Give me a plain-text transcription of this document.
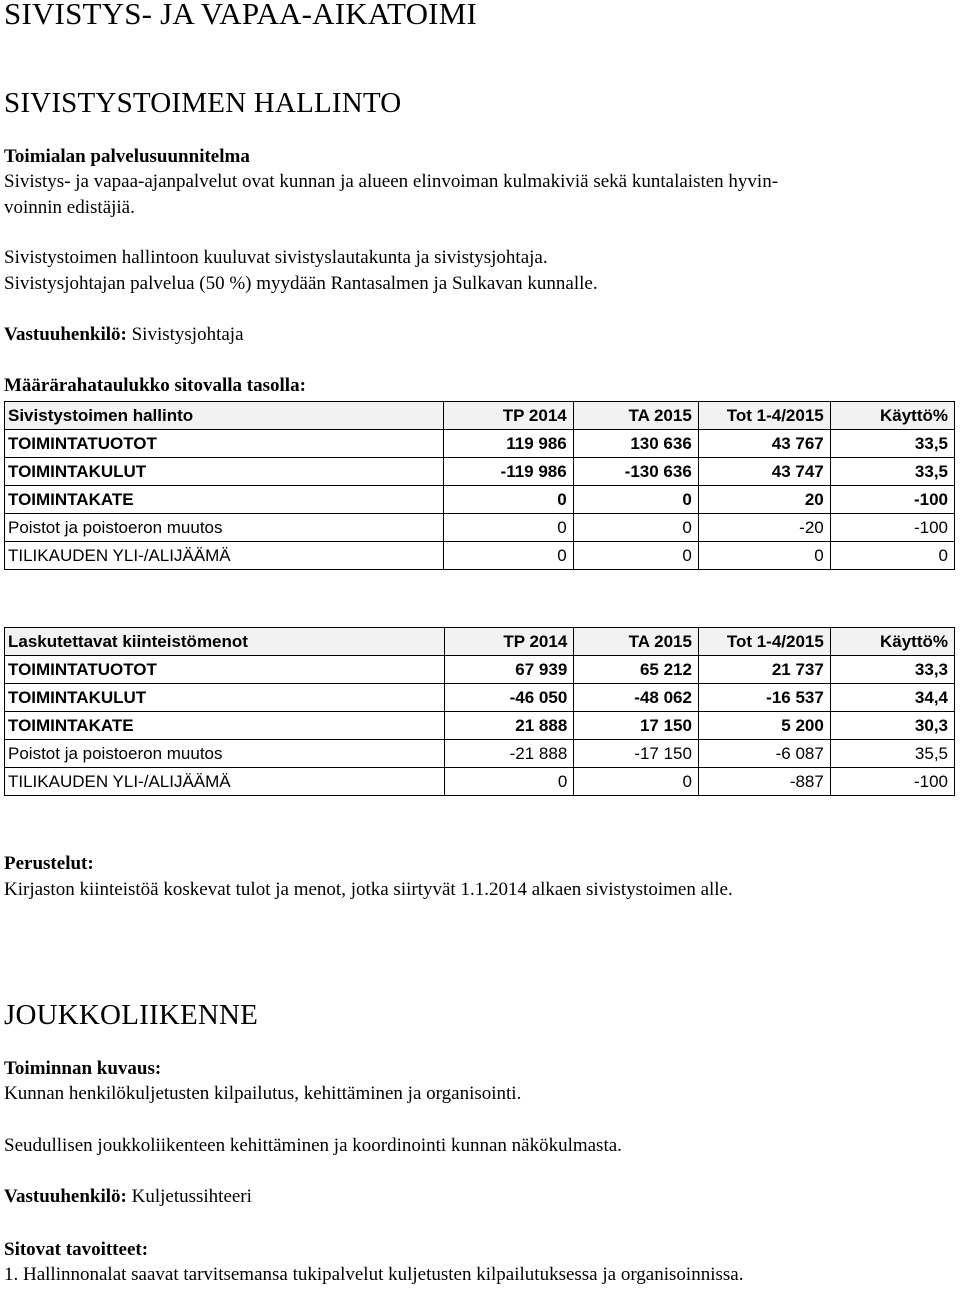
SIVISTYS- JA VAPAA-AIKATOIMI
SIVISTYSTOIMEN HALLINTO
Toimialan palvelusuunnitelma
Sivistys- ja vapaa-ajanpalvelut ovat kunnan ja alueen elinvoiman kulmakiviä sekä kuntalaisten hyvin-
voinnin edistäjiä.
Sivistystoimen hallintoon kuuluvat sivistyslautakunta ja sivistysjohtaja.
Sivistysjohtajan palvelua (50 %) myydään Rantasalmen ja Sulkavan kunnalle.
Vastuuhenkilö: Sivistysjohtaja
Määrärahataulukko sitovalla tasolla:
Sivistystoimen hallinto	TP 2014	TA 2015	Tot 1-4/2015	Käyttö%
TOIMINTATUOTOT	119 986	130 636	43 767	33,5
TOIMINTAKULUT	-119 986	-130 636	43 747	33,5
TOIMINTAKATE	0	0	20	-100
Poistot ja poistoeron muutos	0	0	-20	-100
TILIKAUDEN YLI-/ALIJÄÄMÄ	0	0	0	0
Laskutettavat kiinteistömenot	TP 2014	TA 2015	Tot 1-4/2015	Käyttö%
TOIMINTATUOTOT	67 939	65 212	21 737	33,3
TOIMINTAKULUT	-46 050	-48 062	-16 537	34,4
TOIMINTAKATE	21 888	17 150	5 200	30,3
Poistot ja poistoeron muutos	-21 888	-17 150	-6 087	35,5
TILIKAUDEN YLI-/ALIJÄÄMÄ	0	0	-887	-100
Perustelut:
Kirjaston kiinteistöä koskevat tulot ja menot, jotka siirtyvät 1.1.2014 alkaen sivistystoimen alle.
JOUKKOLIIKENNE
Toiminnan kuvaus:
Kunnan henkilökuljetusten kilpailutus, kehittäminen ja organisointi.
Seudullisen joukkoliikenteen kehittäminen ja koordinointi kunnan näkökulmasta.
Vastuuhenkilö: Kuljetussihteeri
Sitovat tavoitteet:
1. Hallinnonalat saavat tarvitsemansa tukipalvelut kuljetusten kilpailutuksessa ja organisoinnissa.
